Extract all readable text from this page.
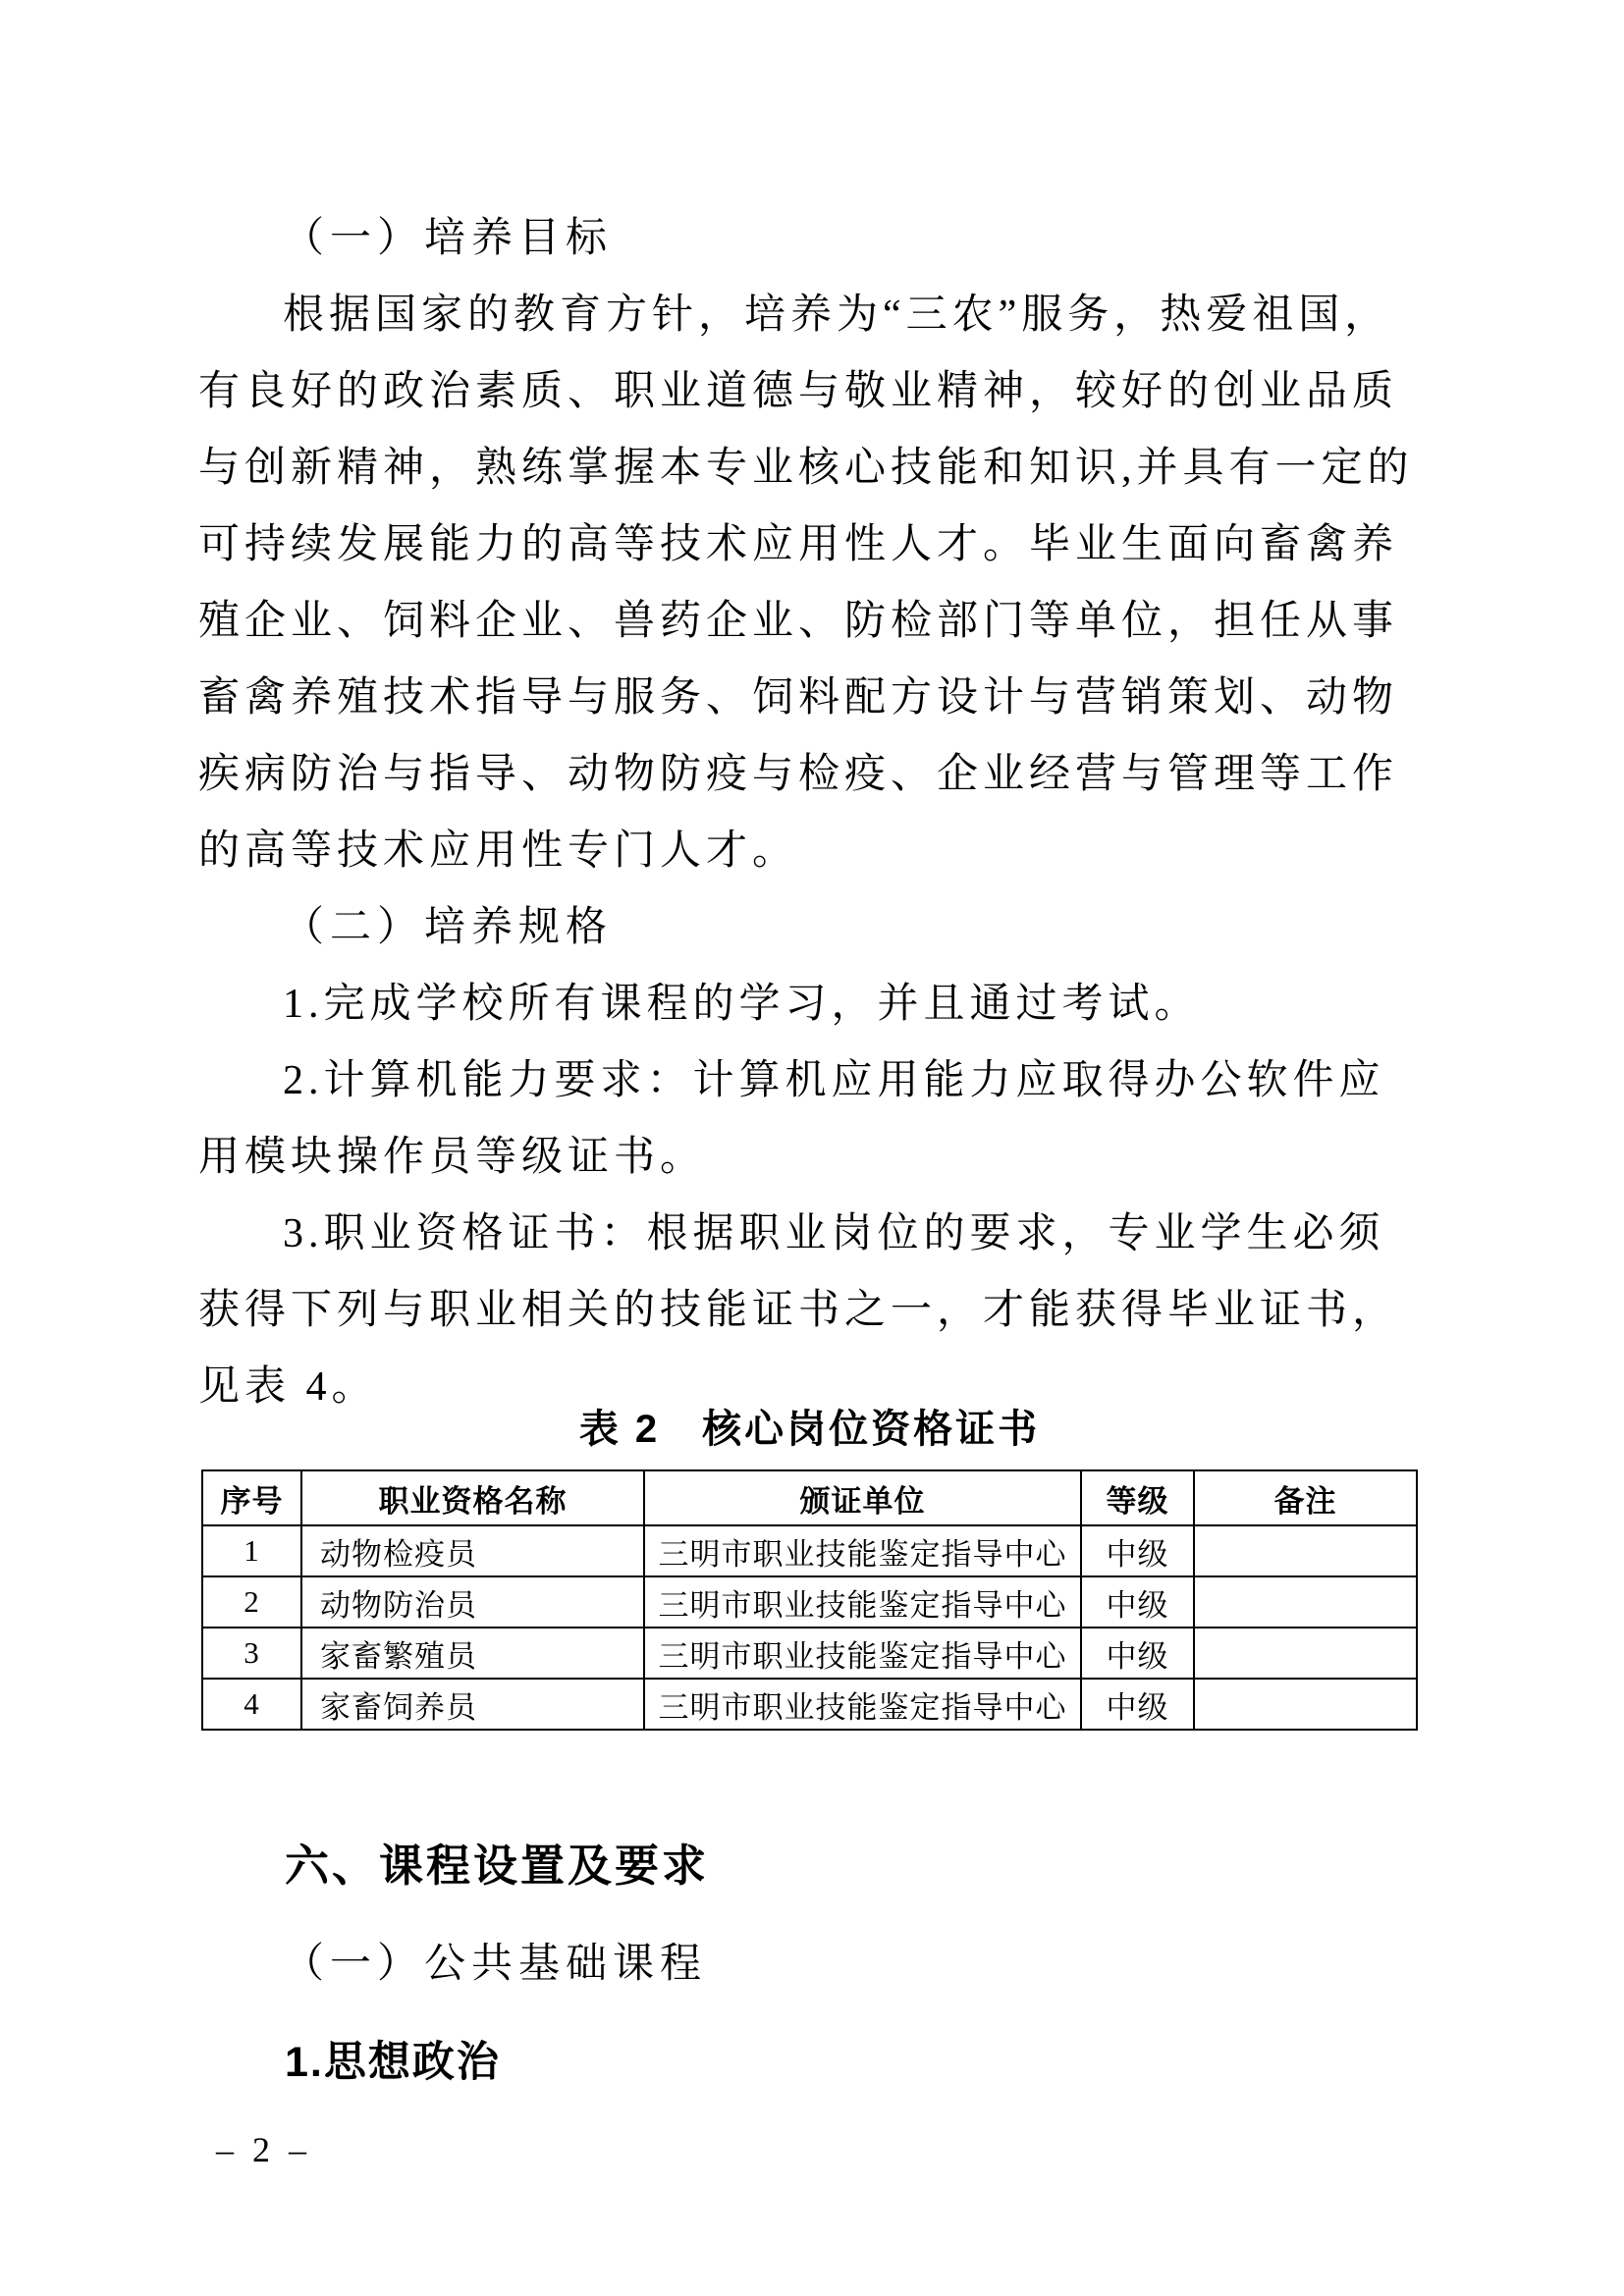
（一）培养目标
根据国家的教育方针，培养为“三农”服务，热爱祖国，
有良好的政治素质、职业道德与敬业精神，较好的创业品质
与创新精神，熟练掌握本专业核心技能和知识,并具有一定的
可持续发展能力的高等技术应用性人才。毕业生面向畜禽养
殖企业、饲料企业、兽药企业、防检部门等单位，担任从事
畜禽养殖技术指导与服务、饲料配方设计与营销策划、动物
疾病防治与指导、动物防疫与检疫、企业经营与管理等工作
的高等技术应用性专门人才。
（二）培养规格
1.完成学校所有课程的学习，并且通过考试。
2.计算机能力要求：计算机应用能力应取得办公软件应
用模块操作员等级证书。
3.职业资格证书：根据职业岗位的要求，专业学生必须
获得下列与职业相关的技能证书之一，才能获得毕业证书，
见表 4。
表 2　核心岗位资格证书
序号	职业资格名称	颁证单位	等级	备注
1	动物检疫员	三明市职业技能鉴定指导中心	中级	
2	动物防治员	三明市职业技能鉴定指导中心	中级	
3	家畜繁殖员	三明市职业技能鉴定指导中心	中级	
4	家畜饲养员	三明市职业技能鉴定指导中心	中级	
六、课程设置及要求
（一）公共基础课程
1.思想政治
– 2 –
